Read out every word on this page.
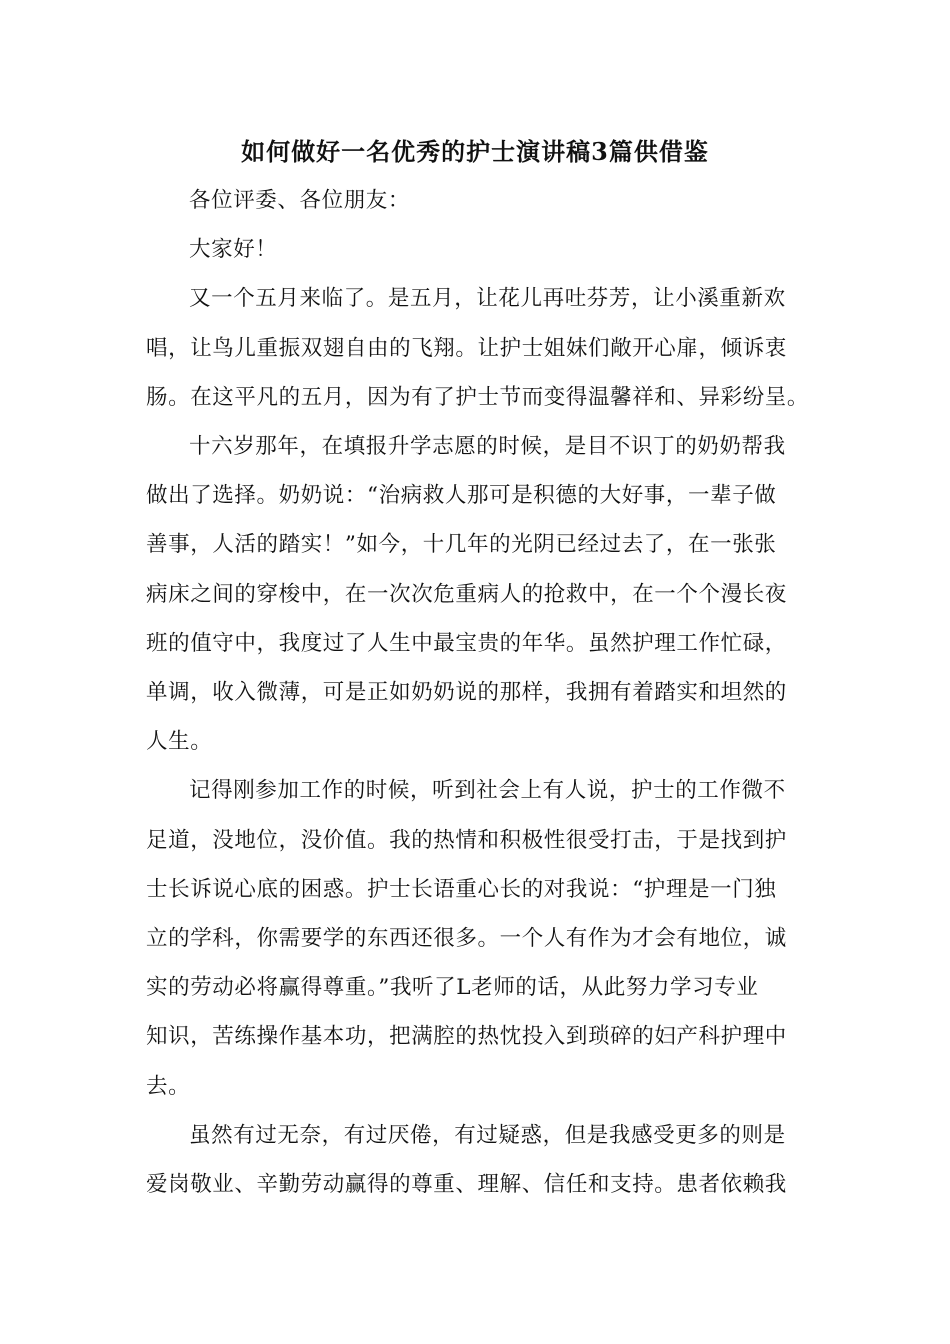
如何做好一名优秀的护士演讲稿3篇供借鉴

各位评委、各位朋友：

大家好！

又一个五月来临了。是五月，让花儿再吐芬芳，让小溪重新欢
唱，让鸟儿重振双翅自由的飞翔。让护士姐妹们敞开心扉，倾诉衷
肠。在这平凡的五月，因为有了护士节而变得温馨祥和、异彩纷呈。
十六岁那年，在填报升学志愿的时候，是目不识丁的奶奶帮我
做出了选择。奶奶说：“治病救人那可是积德的大好事，一辈子做
善事，人活的踏实！”如今，十几年的光阴已经过去了，在一张张
病床之间的穿梭中，在一次次危重病人的抢救中，在一个个漫长夜
班的值守中，我度过了人生中最宝贵的年华。虽然护理工作忙碌，
单调，收入微薄，可是正如奶奶说的那样，我拥有着踏实和坦然的
人生。
记得刚参加工作的时候，听到社会上有人说，护士的工作微不
足道，没地位，没价值。我的热情和积极性很受打击，于是找到护
士长诉说心底的困惑。护士长语重心长的对我说：“护理是一门独
立的学科，你需要学的东西还很多。一个人有作为才会有地位，诚
实的劳动必将赢得尊重。”我听了L老师的话，从此努力学习专业
知识，苦练操作基本功，把满腔的热忱投入到琐碎的妇产科护理中
去。
虽然有过无奈，有过厌倦，有过疑惑，但是我感受更多的则是
爱岗敬业、辛勤劳动赢得的尊重、理解、信任和支持。患者依赖我
